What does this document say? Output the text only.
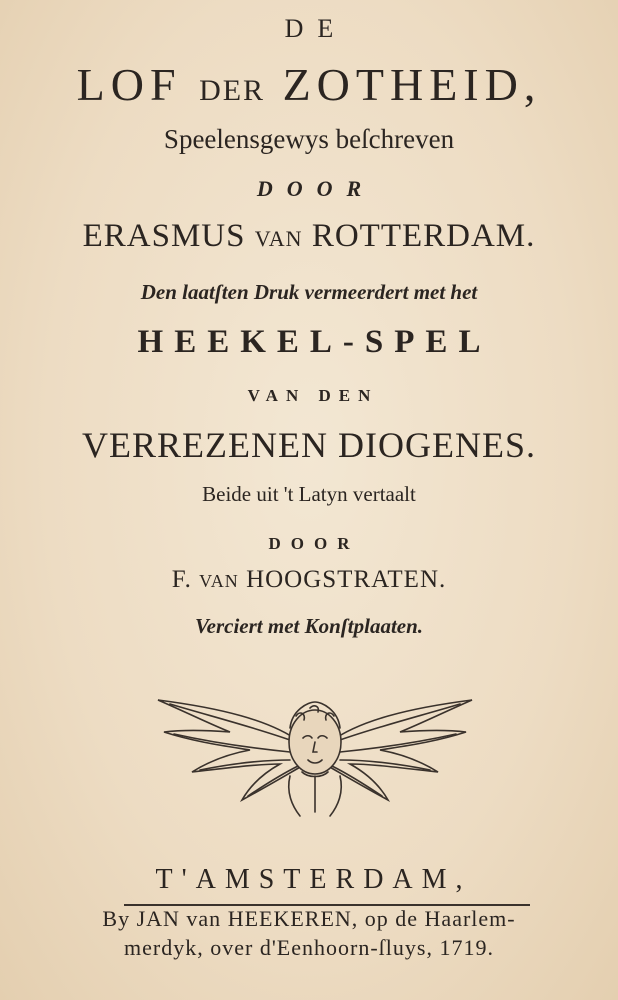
DE
LOF DER ZOTHEID,
Speelensgewys beſchreven
DOOR
ERASMUS VAN ROTTERDAM.
Den laatſten Druk vermeerdert met het
HEEKEL-SPEL
VAN DEN
VERREZENEN DIOGENES.
Beide uit 't Latyn vertaalt
DOOR
F. VAN HOOGSTRATEN.
Verciert met Konſtplaaten.
T'AMSTERDAM,
By JAN van HEEKEREN, op de Haarlem-
merdyk, over d'Eenhoorn-ſluys, 1719.
